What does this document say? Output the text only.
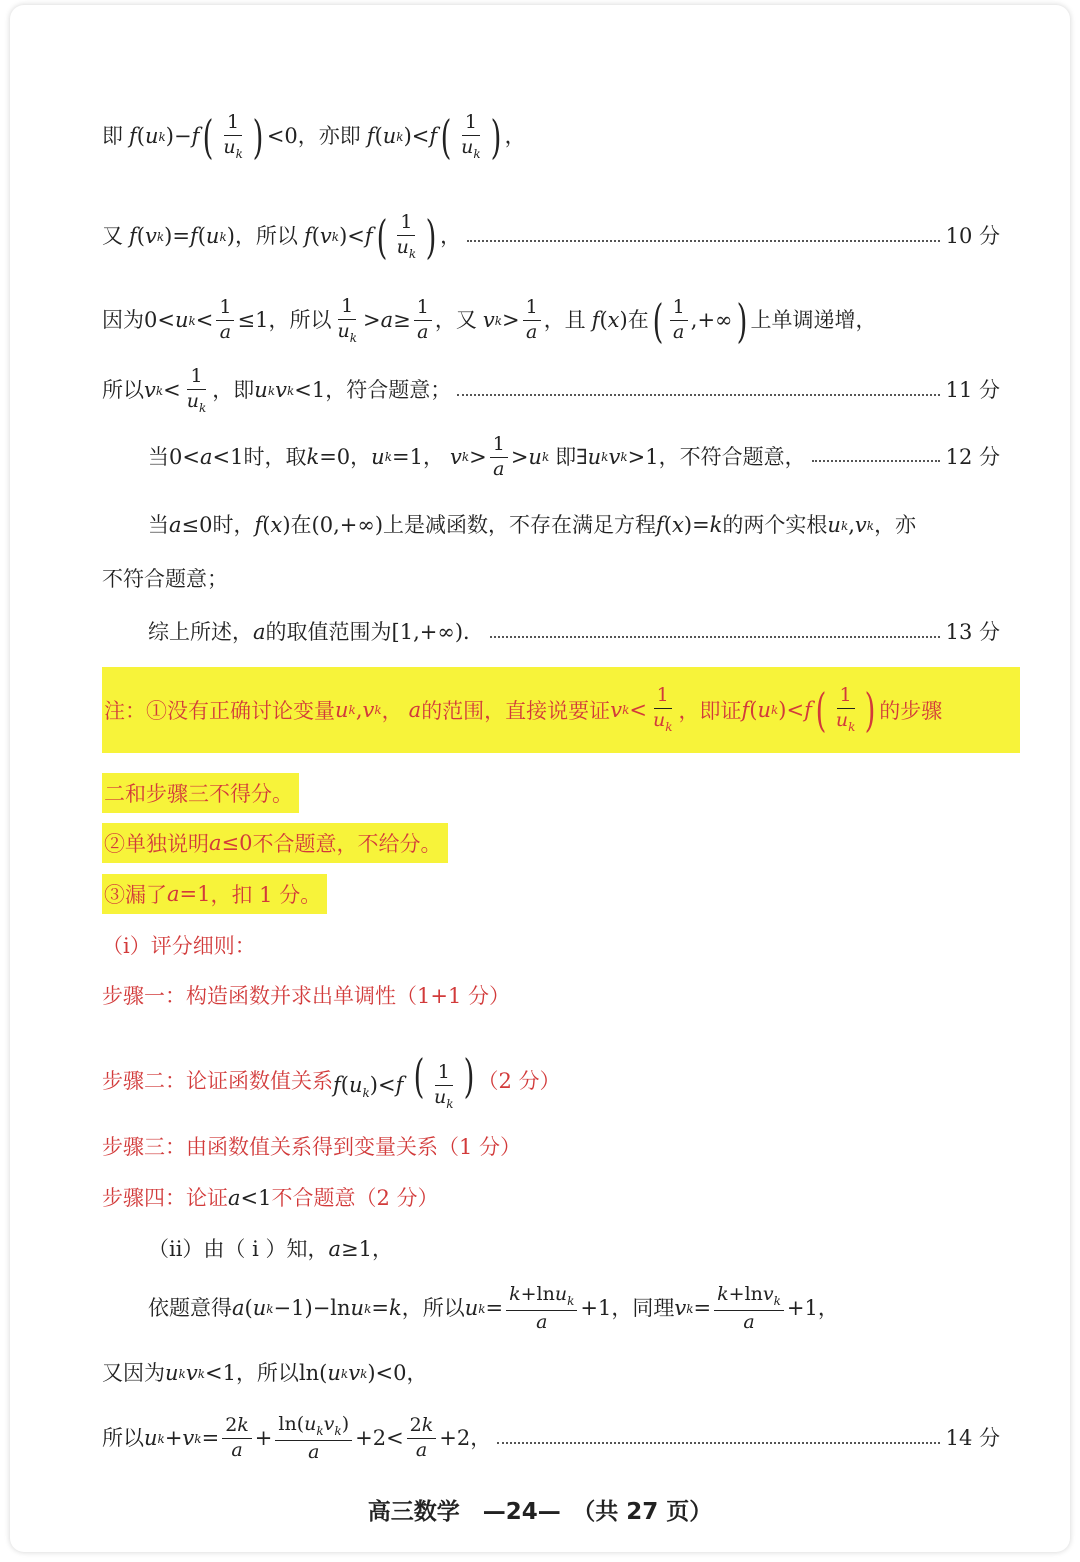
即 f ( u k )− f ( $\frac{1}{u_k}$ ) <0 ，亦即 f ( u k )< f ( $\frac{1}{u_k}$ ) ，
又 f ( v k )= f ( u k ) ，所以 f ( v k )< f ( $\frac{1}{u_k}$ ) ，	10 分
因为 0< u $k < \frac{1}{a} \le 1$ ，所以 $\frac{1}{u_k} > a \ge \frac{1}{a}$ ，又 v $k > \frac{1}{a}$ ，且 f ( x ) 在 ( $\frac{1}{a}$ ,+∞ ) 上单调递增，
所以 v $k < \frac{1}{u_k}$ ，即 u k v k <1 ，符合题意；	11 分
当 0< a <1 时，取 k =0 ， u k =1， v $k > \frac{1}{a} > u$ k 即 ∃ u k v k >1 ，不符合题意，	12 分
当 a ≤0 时， f ( x ) 在 (0,+∞) 上是减函数，不存在满足方程 f ( x )= k 的两个实根 u k , v k ，亦
不符合题意；
综上所述， a 的取值范围为 [1,+∞) ．	13 分
注：①没有正确讨论变量 u k , v k ， a 的范围，直接说要证 v $k < \frac{1}{u_k}$ ，即证 f ( u k )< f ( $\frac{1}{u_k}$ ) 的步骤
二和步骤三不得分。
②单独说明 a ≤0 不合题意，不给分。
③漏了 a =1 ，扣 1 分。
（i）评分细则：
步骤一：构造函数并求出单调性（1+1 分）
步骤二：论证函数值关系 $f(u_k)<f$ ( $\frac{1}{u_k}$ ) （2 分）
步骤三：由函数值关系得到变量关系（1 分）
步骤四：论证 a<1 不合题意（2 分）
（ii）由（ i ）知， a ≥1 ，
依题意得 a ( u k −1)−ln u k = k ，所以 u $k = \frac{k+\ln u_k}{a} +1$ ，同理 v $k = \frac{k+\ln v_k}{a} +1$ ，
又因为 u k v k <1 ，所以 ln( u k v k )<0 ，
所以 u k + v $k = \frac{2k}{a} + \frac{\ln(u_kv_k)}{a} +2< \frac{2k}{a} +2$ ，	14 分
高三数学　—24—　（共 27 页）
